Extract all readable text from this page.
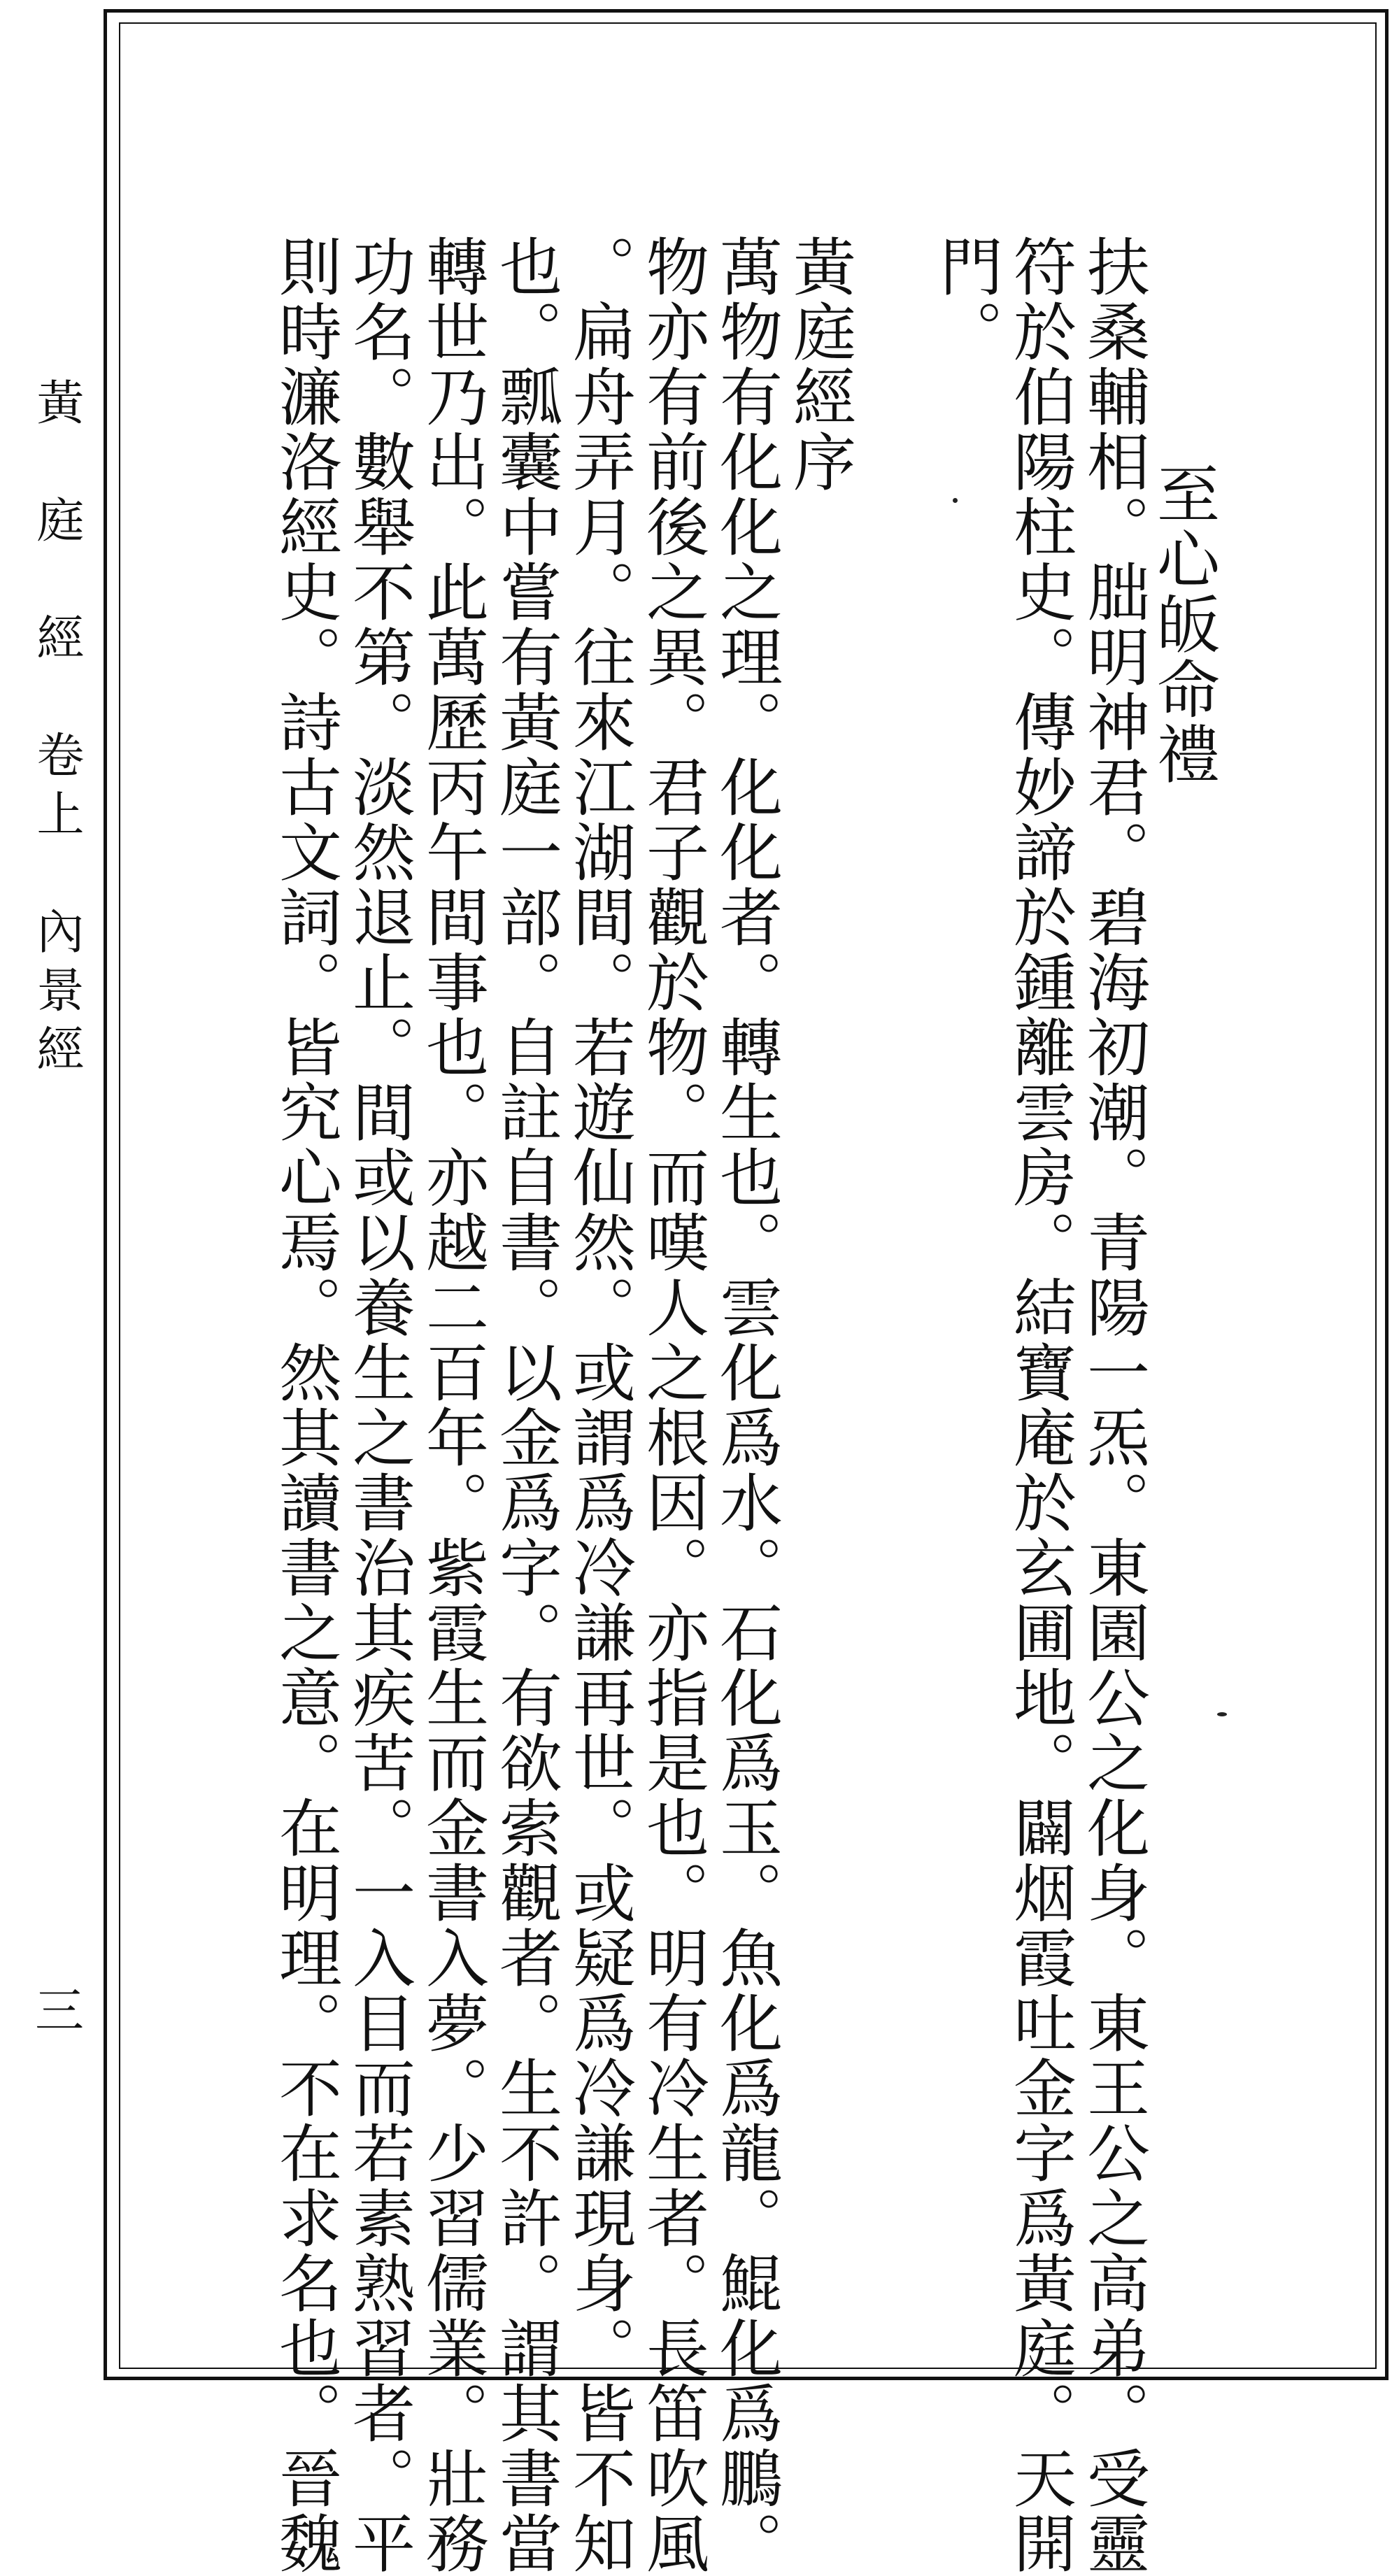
黃　庭　經　卷上　內景經
三
至心皈命禮
扶桑輔相。朏明神君。碧海初潮。青陽一炁。東園公之化身。東王公之高弟。受靈
符於伯陽柱史。傳妙諦於鍾離雲房。結寶庵於玄圃地。闢烟霞吐金字爲黃庭。天開
門。
黃庭經序
萬物有化化之理。化化者。轉生也。雲化爲水。石化爲玉。魚化爲龍。鯤化爲鵬。
物亦有前後之異。君子觀於物。而嘆人之根因。亦指是也。明有冷生者。長笛吹風
。扁舟弄月。往來江湖間。若遊仙然。或謂爲冷謙再世。或疑爲冷謙現身。皆不知
也。瓢囊中嘗有黃庭一部。自註自書。以金爲字。有欲索觀者。生不許。謂其書當
轉世乃出。此萬歷丙午間事也。亦越二百年。紫霞生而金書入夢。少習儒業。壯務
功名。數舉不第。淡然退止。間或以養生之書治其疾苦。一入目而若素熟習者。平
則時濂洛經史。詩古文詞。皆究心焉。然其讀書之意。在明理。不在求名也。晉魏
